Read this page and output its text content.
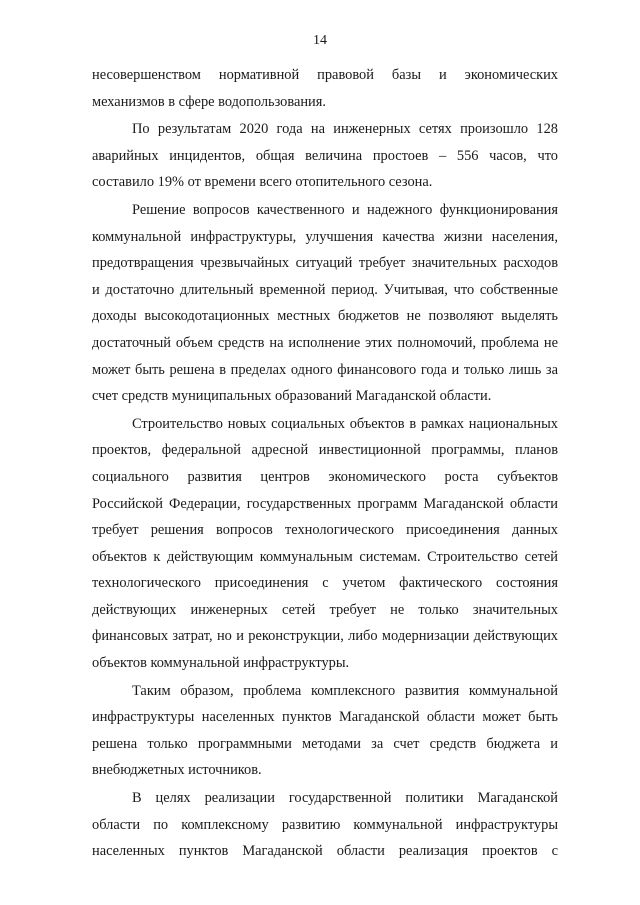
14
несовершенством нормативной правовой базы и экономических
механизмов в сфере водопользования.
По результатам 2020 года на инженерных сетях произошло 128
аварийных инцидентов, общая величина простоев – 556 часов, что
составило 19% от времени всего отопительного сезона.
Решение вопросов качественного и надежного функционирования
коммунальной инфраструктуры, улучшения качества жизни населения,
предотвращения чрезвычайных ситуаций требует значительных расходов
и достаточно длительный временной период. Учитывая, что собственные
доходы высокодотационных местных бюджетов не позволяют выделять
достаточный объем средств на исполнение этих полномочий, проблема не
может быть решена в пределах одного финансового года и только лишь за
счет средств муниципальных образований Магаданской области.
Строительство новых социальных объектов в рамках национальных
проектов, федеральной адресной инвестиционной программы, планов
социального развития центров экономического роста субъектов
Российской Федерации, государственных программ Магаданской области
требует решения вопросов технологического присоединения данных
объектов к действующим коммунальным системам. Строительство сетей
технологического присоединения с учетом фактического состояния
действующих инженерных сетей требует не только значительных
финансовых затрат, но и реконструкции, либо модернизации действующих
объектов коммунальной инфраструктуры.
Таким образом, проблема комплексного развития коммунальной
инфраструктуры населенных пунктов Магаданской области может быть
решена только программными методами за счет средств бюджета и
внебюджетных источников.
В целях реализации государственной политики Магаданской
области по комплексному развитию коммунальной инфраструктуры
населенных пунктов Магаданской области реализация проектов с
